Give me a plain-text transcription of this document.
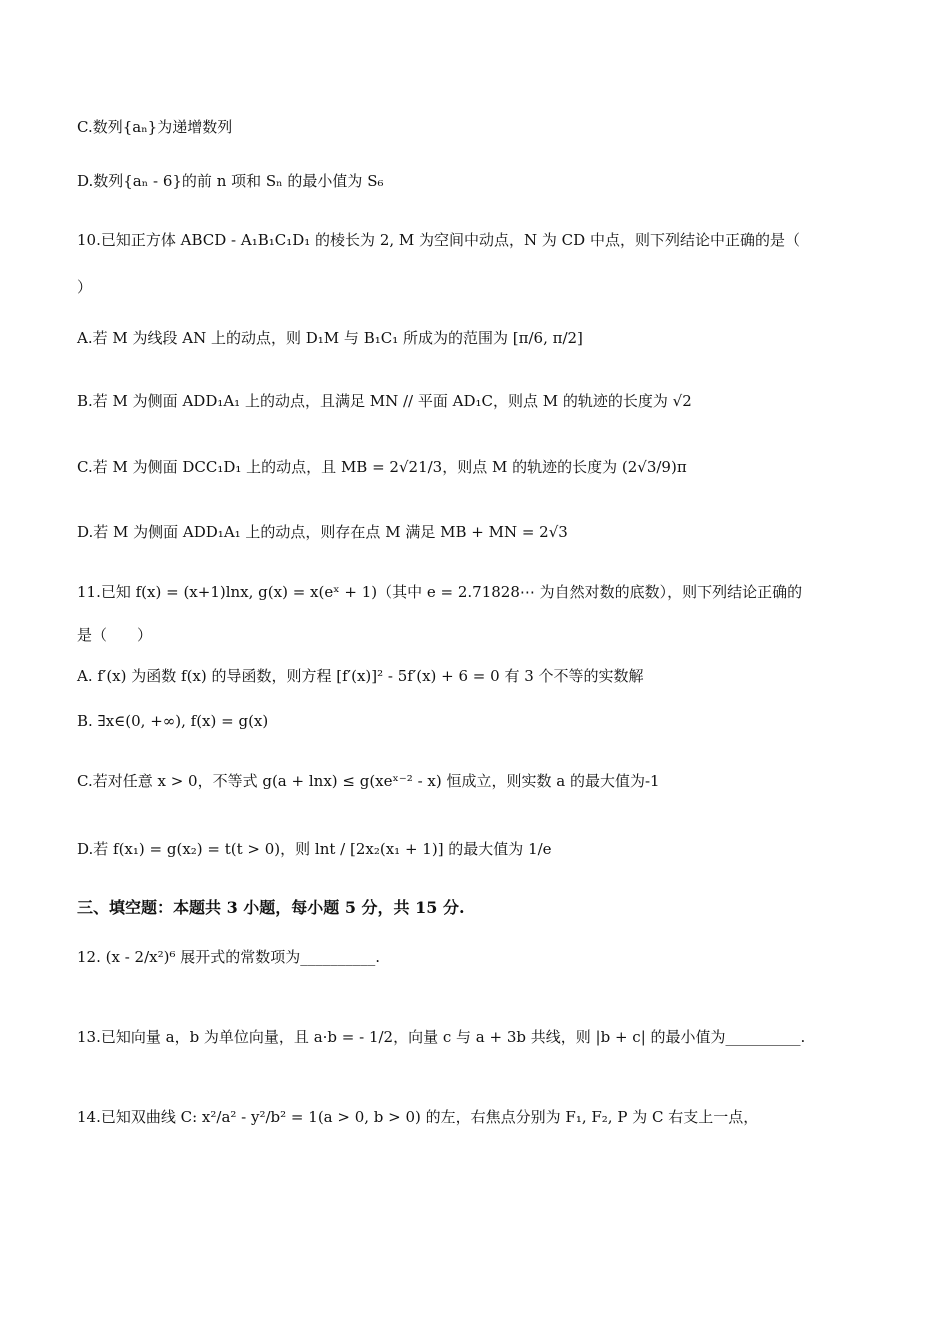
C.数列{aₙ}为递增数列
D.数列{aₙ - 6}的前 n 项和 Sₙ 的最小值为 S₆
10.已知正方体 ABCD - A₁B₁C₁D₁ 的棱长为 2, M 为空间中动点，N 为 CD 中点，则下列结论中正确的是（
）
A.若 M 为线段 AN 上的动点，则 D₁M 与 B₁C₁ 所成为的范围为 [π/6, π/2]
B.若 M 为侧面 ADD₁A₁ 上的动点，且满足 MN // 平面 AD₁C，则点 M 的轨迹的长度为 √2
C.若 M 为侧面 DCC₁D₁ 上的动点，且 MB = 2√21/3，则点 M 的轨迹的长度为 (2√3/9)π
D.若 M 为侧面 ADD₁A₁ 上的动点，则存在点 M 满足 MB + MN = 2√3
11.已知 f(x) = (x+1)lnx, g(x) = x(eˣ + 1)（其中 e = 2.71828⋯ 为自然对数的底数），则下列结论正确的
是（　　）
A. f′(x) 为函数 f(x) 的导函数，则方程 [f′(x)]² - 5f′(x) + 6 = 0 有 3 个不等的实数解
B. ∃x∈(0, +∞), f(x) = g(x)
C.若对任意 x > 0，不等式 g(a + lnx) ≤ g(xeˣ⁻² - x) 恒成立，则实数 a 的最大值为-1
D.若 f(x₁) = g(x₂) = t(t > 0)，则 lnt / [2x₂(x₁ + 1)] 的最大值为 1/e
三、填空题：本题共 3 小题，每小题 5 分，共 15 分.
12. (x - 2/x²)⁶ 展开式的常数项为__________.
13.已知向量 a，b 为单位向量，且 a·b = - 1/2，向量 c 与 a + 3b 共线，则 |b + c| 的最小值为__________.
14.已知双曲线 C: x²/a² - y²/b² = 1(a > 0, b > 0) 的左，右焦点分别为 F₁, F₂, P 为 C 右支上一点，
